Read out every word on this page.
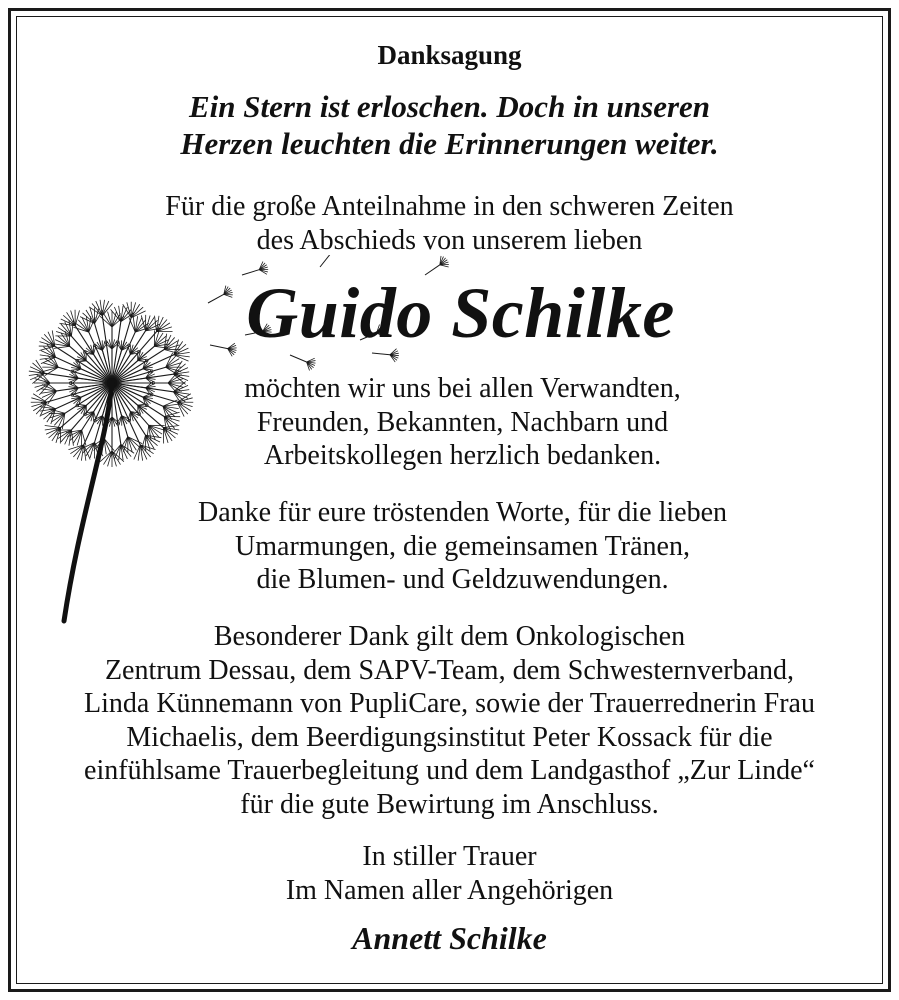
Danksagung
Ein Stern ist erloschen. Doch in unseren
Herzen leuchten die Erinnerungen weiter.
Für die große Anteilnahme in den schweren Zeiten
des Abschieds von unserem lieben
Guido Schilke
möchten wir uns bei allen Verwandten,
Freunden, Bekannten, Nachbarn und
Arbeitskollegen herzlich bedanken.
Danke für eure tröstenden Worte, für die lieben
Umarmungen, die gemeinsamen Tränen,
die Blumen- und Geldzuwendungen.
Besonderer Dank gilt dem Onkologischen
Zentrum Dessau, dem SAPV-Team, dem Schwesternverband,
Linda Künnemann von PupliCare, sowie der Trauerrednerin Frau
Michaelis, dem Beerdigungsinstitut Peter Kossack für die
einfühlsame Trauerbegleitung und dem Landgasthof „Zur Linde“
für die gute Bewirtung im Anschluss.
In stiller Trauer
Im Namen aller Angehörigen
Annett Schilke
